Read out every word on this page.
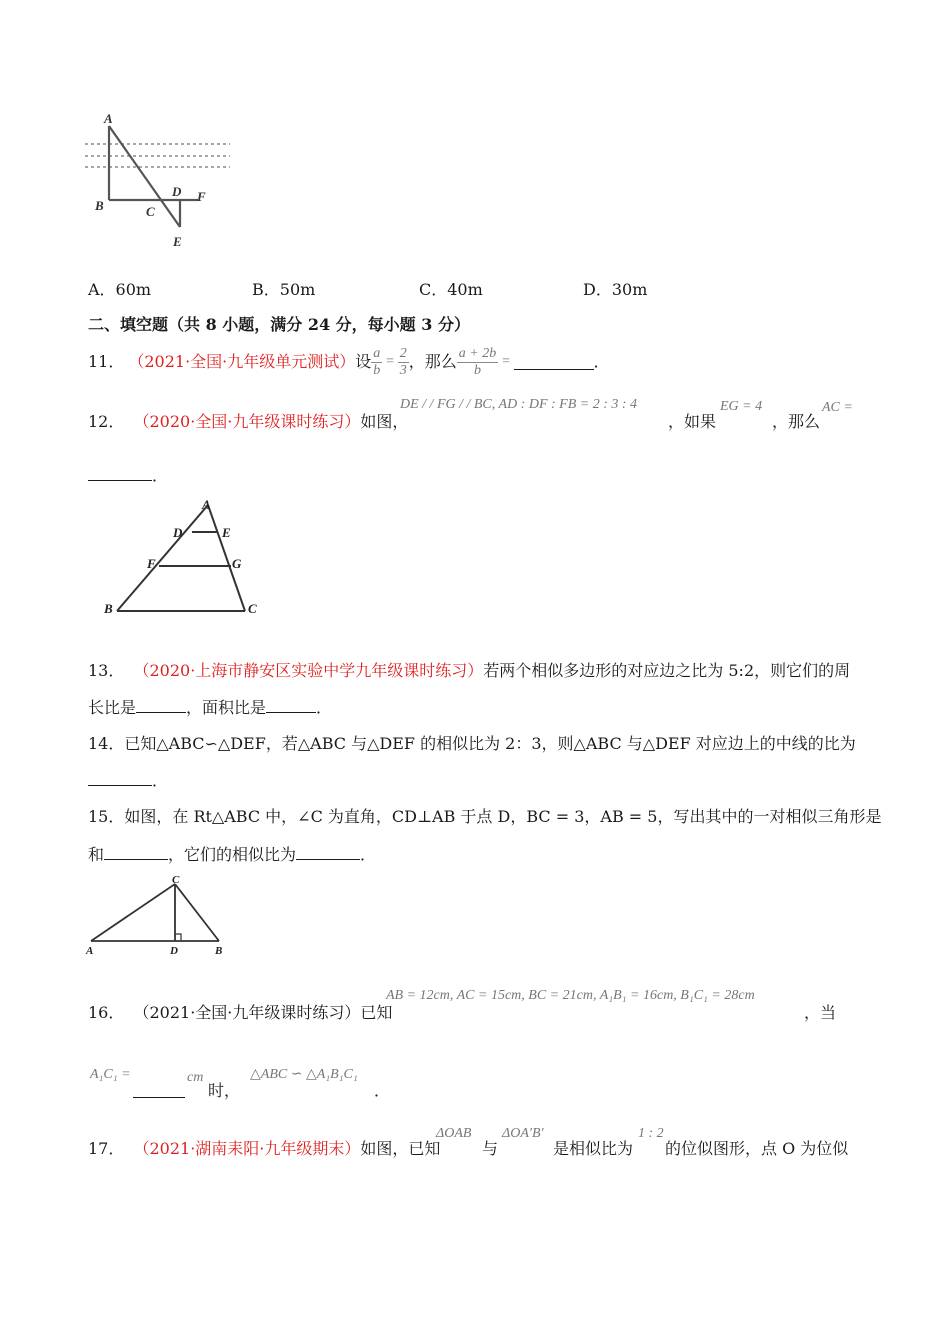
A
B	C
D F
E
A．60m	B．50m	C．40m	D．30m
二、填空题（共 8 小题，满分 24 分，每小题 3 分）
11． （2021·全国·九年级单元测试） 设 $\frac{a}{b} = \frac{2}{3}$ ，那么 $\frac{a + 2b}{b}$ =	．
12． （2020·全国·九年级课时练习）如图，
DE / / FG / / BC, AD : DF : FB = 2 : 3 : 4
，如果
EG = 4
，那么
AC =
．
A
D	E
F	G
B	C
13． （2020·上海市静安区实验中学九年级课时练习）若两个相似多边形的对应边之比为 5:2，则它们的周
长比是	，面积比是	．
14．已知△ABC∽△DEF，若△ABC 与△DEF 的相似比为 2：3，则△ABC 与△DEF 对应边上的中线的比为
．
15．如图，在 Rt△ABC 中，∠C 为直角，CD⊥AB 于点 D，BC = 3，AB = 5，写出其中的一对相似三角形是
和	，它们的相似比为	．
C
A	D	B
16． （2021·全国·九年级课时练习）已知
AB = 12cm, AC = 15cm, BC = 21cm, A₁B₁ = 16cm, B₁C₁ = 28cm
，当
A₁C₁ =	cm
时，
△ABC ∽ △A₁B₁C₁
．
17． （2021·湖南耒阳·九年级期末）如图，已知
ΔOAB
与
ΔOA′B′
是相似比为
1 : 2
的位似图形，点 O 为位似
